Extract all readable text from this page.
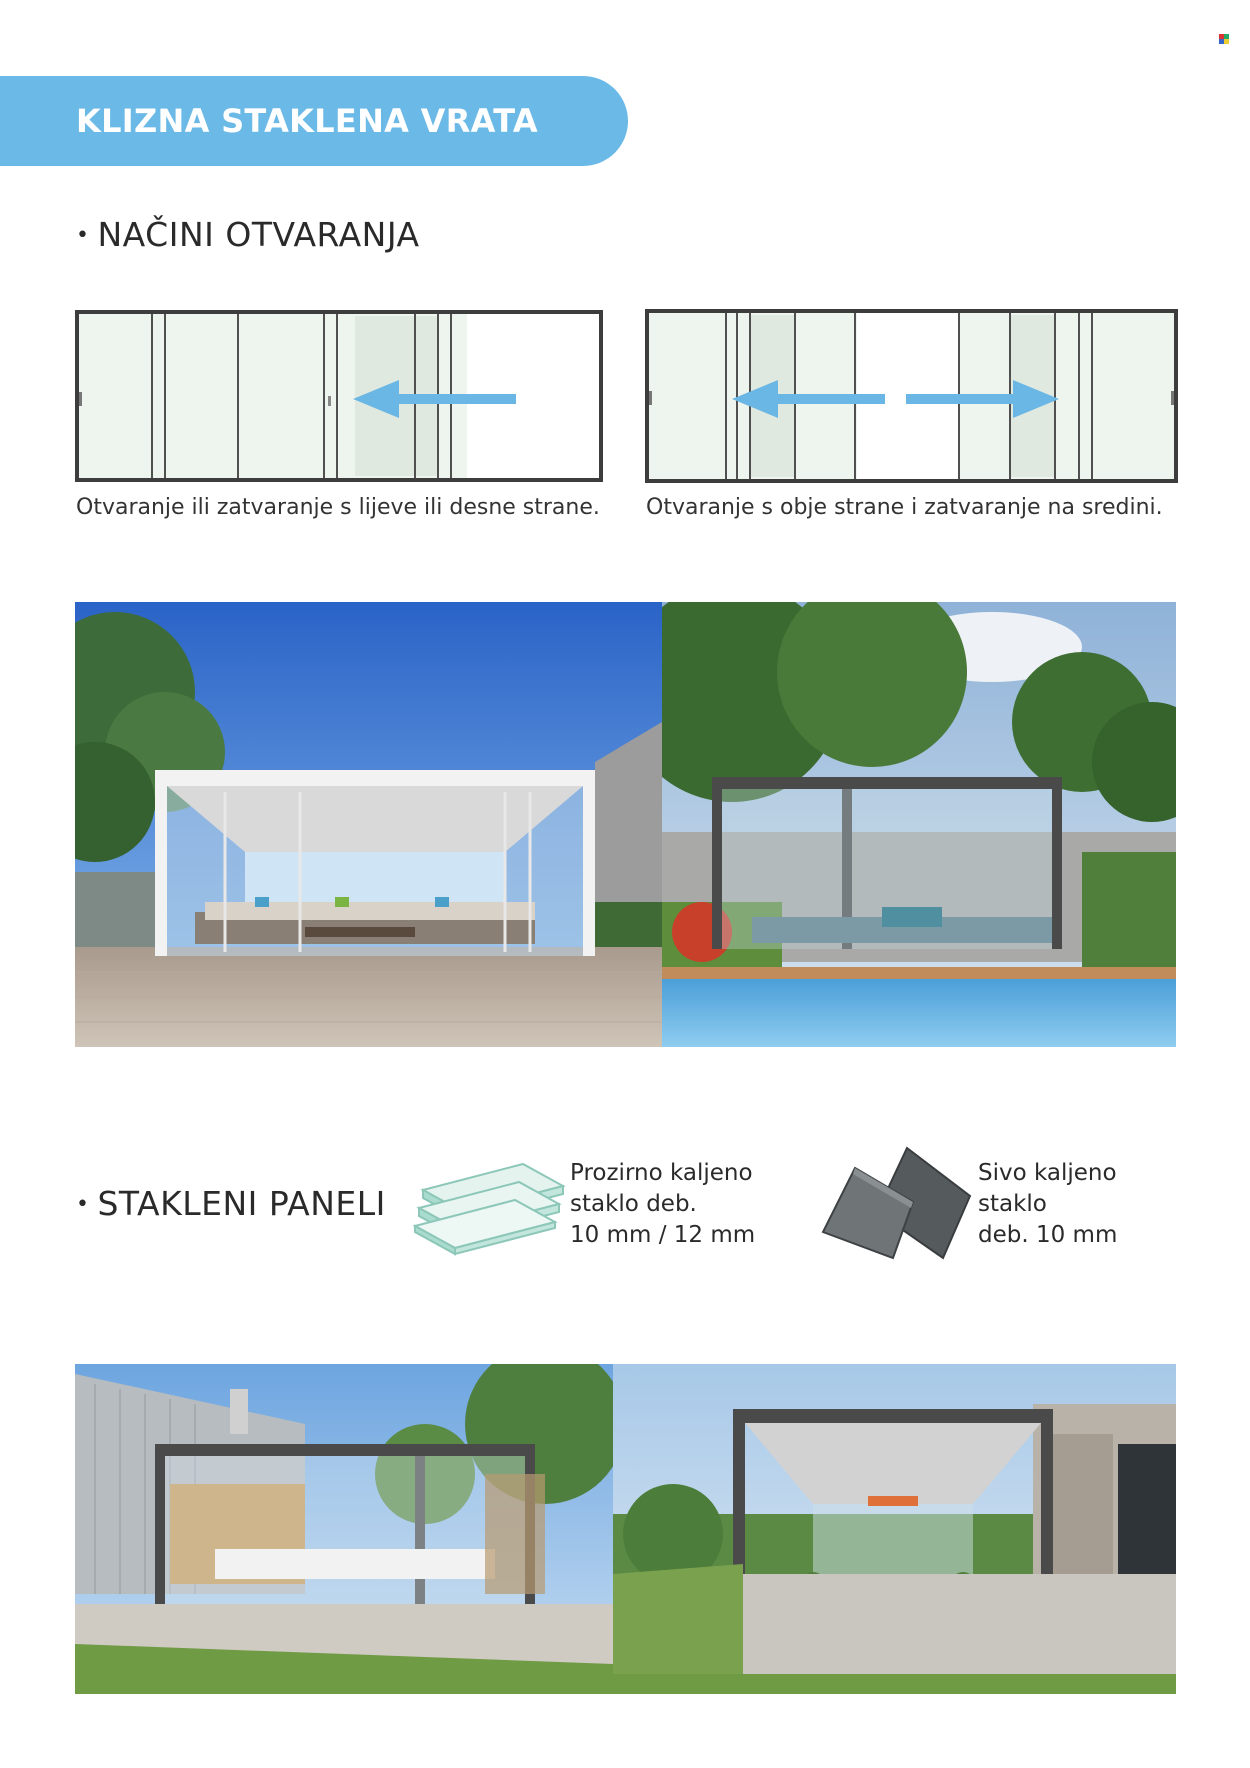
KLIZNA STAKLENA VRATA
• NAČINI OTVARANJA
Otvaranje ili zatvaranje s lijeve ili desne strane. Otvaranje s obje strane i zatvaranje na sredini.
• STAKLENI PANELI
Prozirno kaljeno
staklo deb.
10 mm / 12 mm
Sivo kaljeno
staklo
deb. 10 mm
